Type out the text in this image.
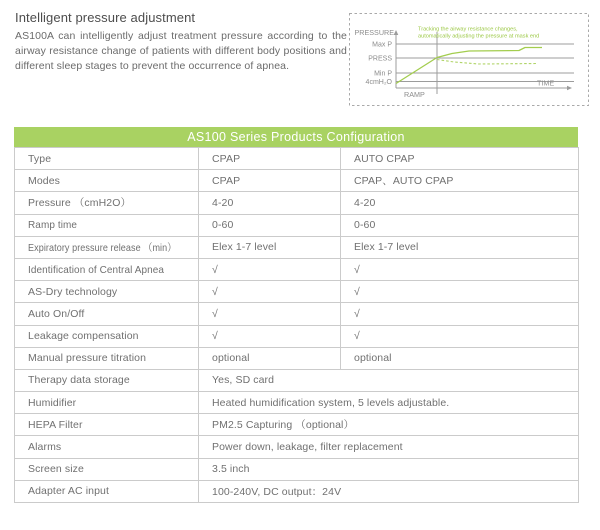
Intelligent pressure adjustment
AS100A can intelligently adjust treatment pressure according to the airway resistance change of patients with different body positions and different sleep stages to prevent the occurrence of apnea.
PRESSURE
Max P
PRESS
Min P
4cmH₂O
RAMP
TIME
Tracking the airway resistance changes,
automatically adjusting the pressure at mask end
AS100 Series Products Configuration
Type	CPAP	AUTO CPAP
Modes	CPAP	CPAP、AUTO CPAP
Pressure （cmH2O）	4-20	4-20
Ramp time	0-60	0-60
Expiratory pressure release （min）	Elex 1-7 level	Elex 1-7 level
Identification of Central Apnea	√	√
AS-Dry technology	√	√
Auto On/Off	√	√
Leakage compensation	√	√
Manual pressure titration	optional	optional
Therapy data storage	Yes, SD card	
Humidifier	Heated humidification system, 5 levels adjustable.	
HEPA Filter	PM2.5 Capturing （optional）	
Alarms	Power down, leakage, filter replacement	
Screen size	3.5 inch	
Adapter AC input	100-240V, DC output：24V	
